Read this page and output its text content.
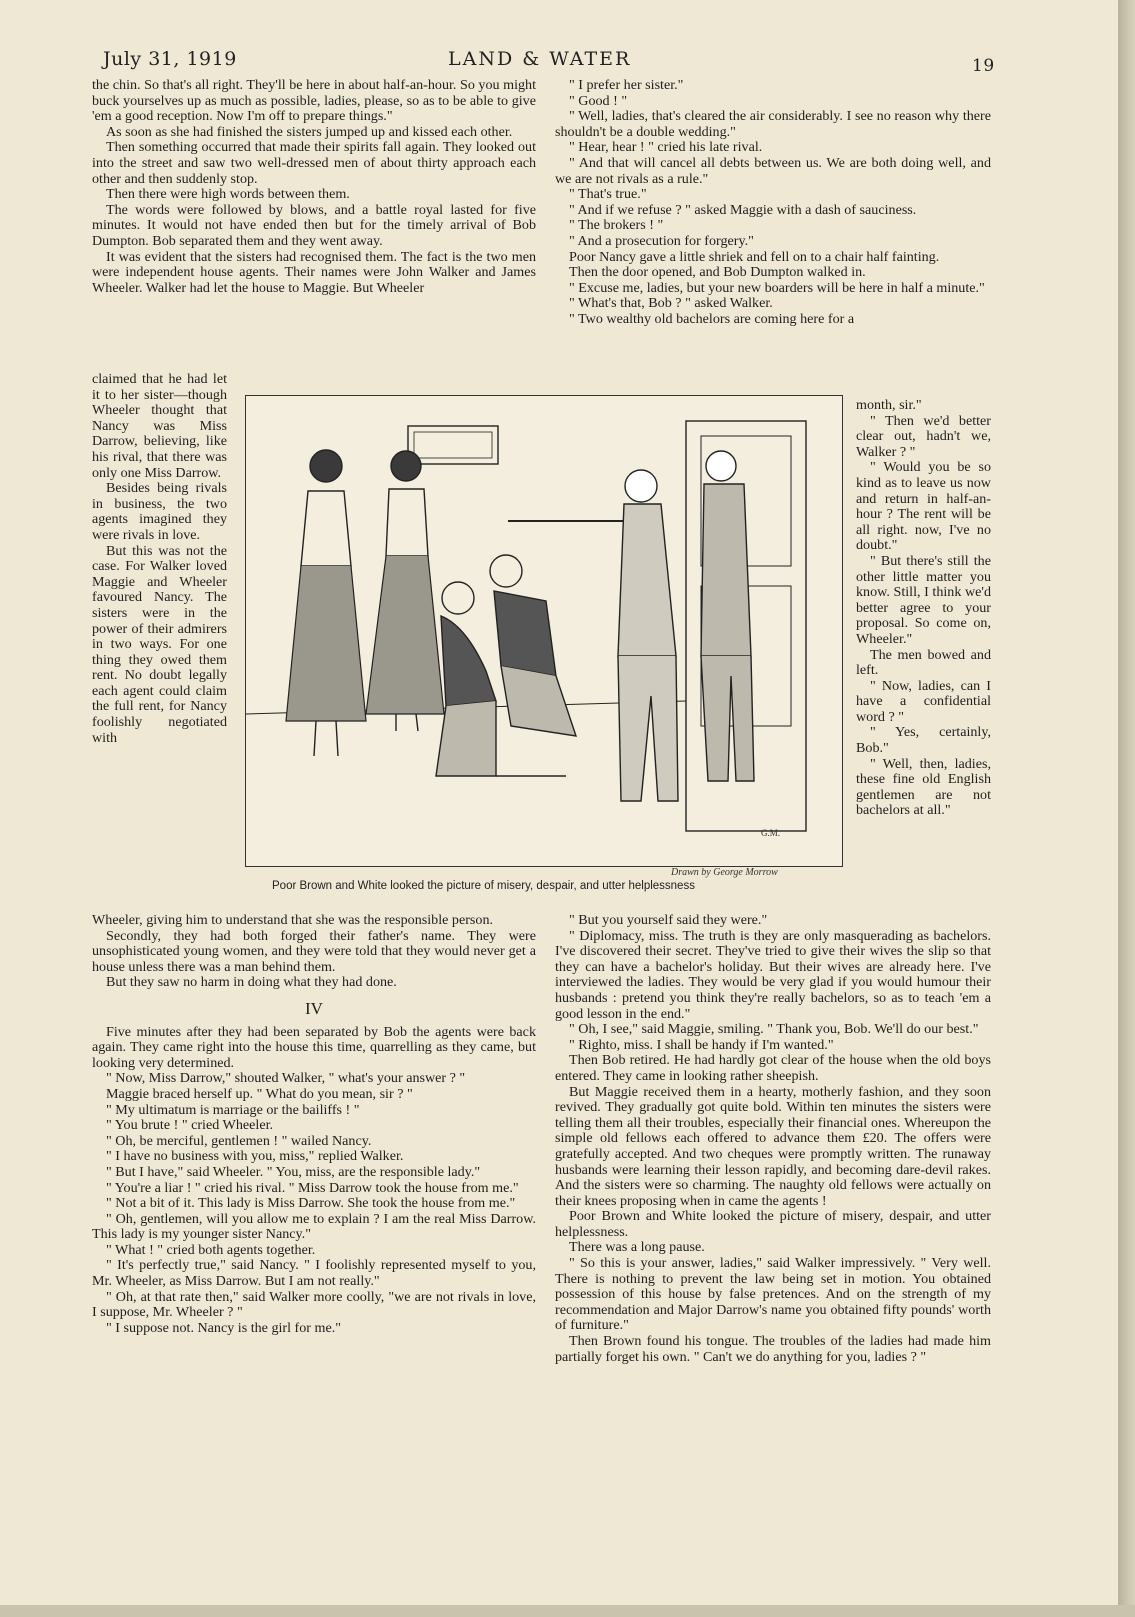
July 31, 1919	LAND & WATER	19

the chin. So that's all right. They'll be here in about half-an-hour. So you might buck yourselves up as much as possible, ladies, please, so as to be able to give 'em a good reception. Now I'm off to prepare things."

As soon as she had finished the sisters jumped up and kissed each other.

Then something occurred that made their spirits fall again. They looked out into the street and saw two well-dressed men of about thirty approach each other and then suddenly stop.

Then there were high words between them.

The words were followed by blows, and a battle royal lasted for five minutes. It would not have ended then but for the timely arrival of Bob Dumpton. Bob separated them and they went away.

It was evident that the sisters had recognised them. The fact is the two men were independent house agents. Their names were John Walker and James Wheeler. Walker had let the house to Maggie. But Wheeler

claimed that he had let it to her sister—though Wheeler thought that Nancy was Miss Darrow, believing, like his rival, that there was only one Miss Darrow.

Besides being rivals in business, the two agents imagined they were rivals in love.

But this was not the case. For Walker loved Maggie and Wheeler favoured Nancy. The sisters were in the power of their admirers in two ways. For one thing they owed them rent. No doubt legally each agent could claim the full rent, for Nancy foolishly negotiated with

G.M.
Drawn by George Morrow
Poor Brown and White looked the picture of misery, despair, and utter helplessness

Wheeler, giving him to understand that she was the responsible person.

Secondly, they had both forged their father's name. They were unsophisticated young women, and they were told that they would never get a house unless there was a man behind them.

But they saw no harm in doing what they had done.

IV

Five minutes after they had been separated by Bob the agents were back again. They came right into the house this time, quarrelling as they came, but looking very determined.

" Now, Miss Darrow," shouted Walker, " what's your answer ? "

Maggie braced herself up. " What do you mean, sir ? "

" My ultimatum is marriage or the bailiffs ! "

" You brute ! " cried Wheeler.

" Oh, be merciful, gentlemen ! " wailed Nancy.

" I have no business with you, miss," replied Walker.

" But I have," said Wheeler. " You, miss, are the responsible lady."

" You're a liar ! " cried his rival. " Miss Darrow took the house from me."

" Not a bit of it. This lady is Miss Darrow. She took the house from me."

" Oh, gentlemen, will you allow me to explain ? I am the real Miss Darrow. This lady is my younger sister Nancy."

" What ! " cried both agents together.

" It's perfectly true," said Nancy. " I foolishly represented myself to you, Mr. Wheeler, as Miss Darrow. But I am not really."

" Oh, at that rate then," said Walker more coolly, "we are not rivals in love, I suppose, Mr. Wheeler ? "

" I suppose not. Nancy is the girl for me."

" I prefer her sister."

" Good ! "

" Well, ladies, that's cleared the air considerably. I see no reason why there shouldn't be a double wedding."

" Hear, hear ! " cried his late rival.

" And that will cancel all debts between us. We are both doing well, and we are not rivals as a rule."

" That's true."

" And if we refuse ? " asked Maggie with a dash of sauciness.

" The brokers ! "

" And a prosecution for forgery."

Poor Nancy gave a little shriek and fell on to a chair half fainting.

Then the door opened, and Bob Dumpton walked in.

" Excuse me, ladies, but your new boarders will be here in half a minute."

" What's that, Bob ? " asked Walker.

" Two wealthy old bachelors are coming here for a

month, sir."

" Then we'd better clear out, hadn't we, Walker ? "

" Would you be so kind as to leave us now and return in half-an-hour ? The rent will be all right. now, I've no doubt."

" But there's still the other little matter you know. Still, I think we'd better agree to your proposal. So come on, Wheeler."

The men bowed and left.

" Now, ladies, can I have a confidential word ? "

" Yes, certainly, Bob."

" Well, then, ladies, these fine old English gentlemen are not bachelors at all."

" But you yourself said they were."

" Diplomacy, miss. The truth is they are only masquerading as bachelors. I've discovered their secret. They've tried to give their wives the slip so that they can have a bachelor's holiday. But their wives are already here. I've interviewed the ladies. They would be very glad if you would humour their husbands : pretend you think they're really bachelors, so as to teach 'em a good lesson in the end."

" Oh, I see," said Maggie, smiling. " Thank you, Bob. We'll do our best."

" Righto, miss. I shall be handy if I'm wanted."

Then Bob retired. He had hardly got clear of the house when the old boys entered. They came in looking rather sheepish.

But Maggie received them in a hearty, motherly fashion, and they soon revived. They gradually got quite bold. Within ten minutes the sisters were telling them all their troubles, especially their financial ones. Whereupon the simple old fellows each offered to advance them £20. The offers were gratefully accepted. And two cheques were promptly written. The runaway husbands were learning their lesson rapidly, and becoming dare-devil rakes. And the sisters were so charming. The naughty old fellows were actually on their knees proposing when in came the agents !

Poor Brown and White looked the picture of misery, despair, and utter helplessness.

There was a long pause.

" So this is your answer, ladies," said Walker impressively. " Very well. There is nothing to prevent the law being set in motion. You obtained possession of this house by false pretences. And on the strength of my recommendation and Major Darrow's name you obtained fifty pounds' worth of furniture."

Then Brown found his tongue. The troubles of the ladies had made him partially forget his own. " Can't we do anything for you, ladies ? "
